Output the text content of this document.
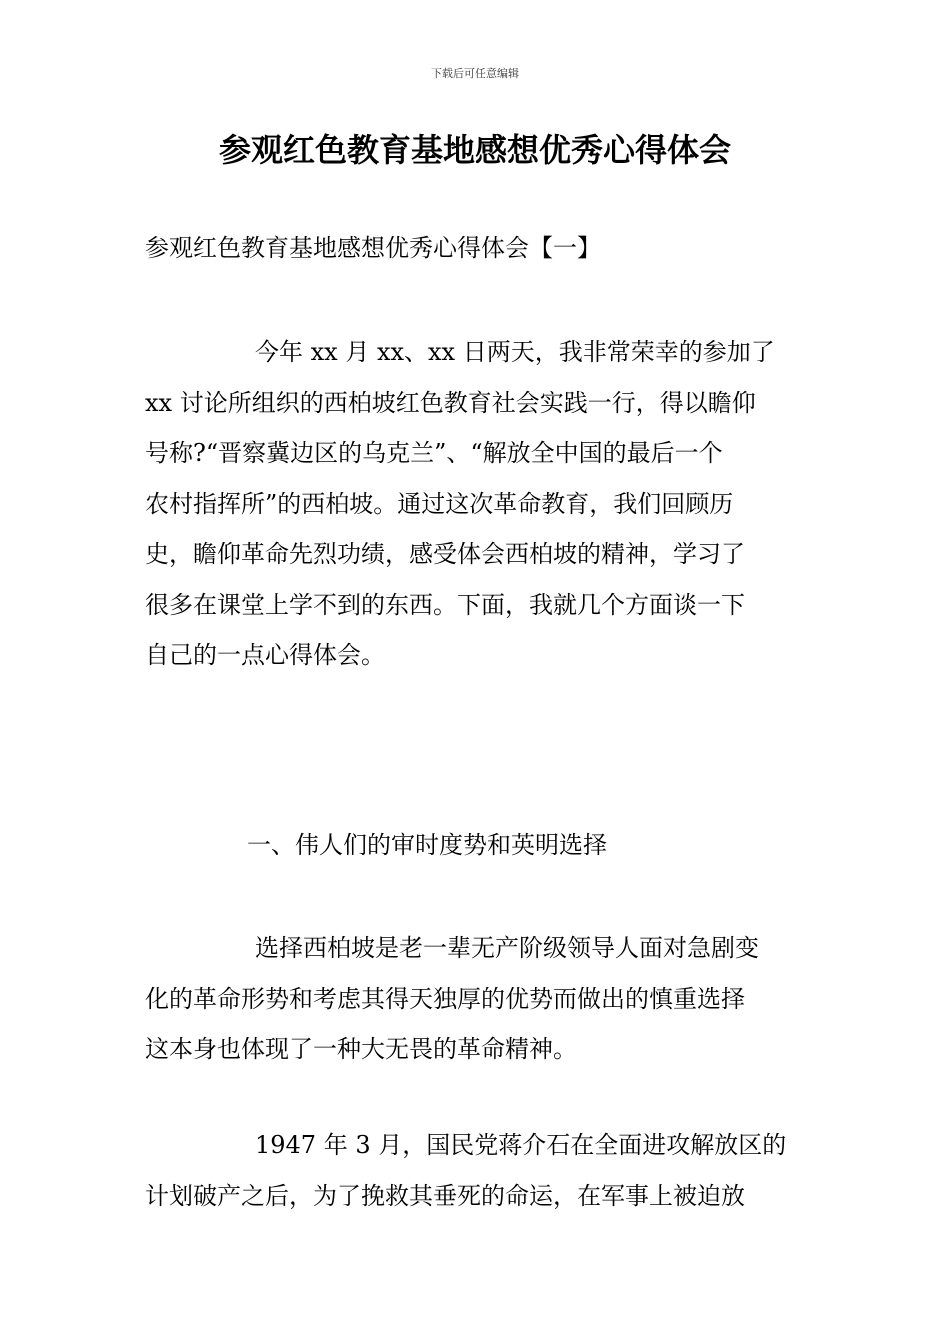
下载后可任意编辑
参观红色教育基地感想优秀心得体会
参观红色教育基地感想优秀心得体会【一】
今年 xx 月 xx、xx 日两天，我非常荣幸的参加了
xx 讨论所组织的西柏坡红色教育社会实践一行，得以瞻仰
号称?“晋察冀边区的乌克兰”、“解放全中国的最后一个
农村指挥所”的西柏坡。通过这次革命教育，我们回顾历
史，瞻仰革命先烈功绩，感受体会西柏坡的精神，学习了
很多在课堂上学不到的东西。下面，我就几个方面谈一下
自己的一点心得体会。
一、伟人们的审时度势和英明选择
选择西柏坡是老一辈无产阶级领导人面对急剧变
化的革命形势和考虑其得天独厚的优势而做出的慎重选择
这本身也体现了一种大无畏的革命精神。
1947 年 3 月，国民党蒋介石在全面进攻解放区的
计划破产之后，为了挽救其垂死的命运，在军事上被迫放
